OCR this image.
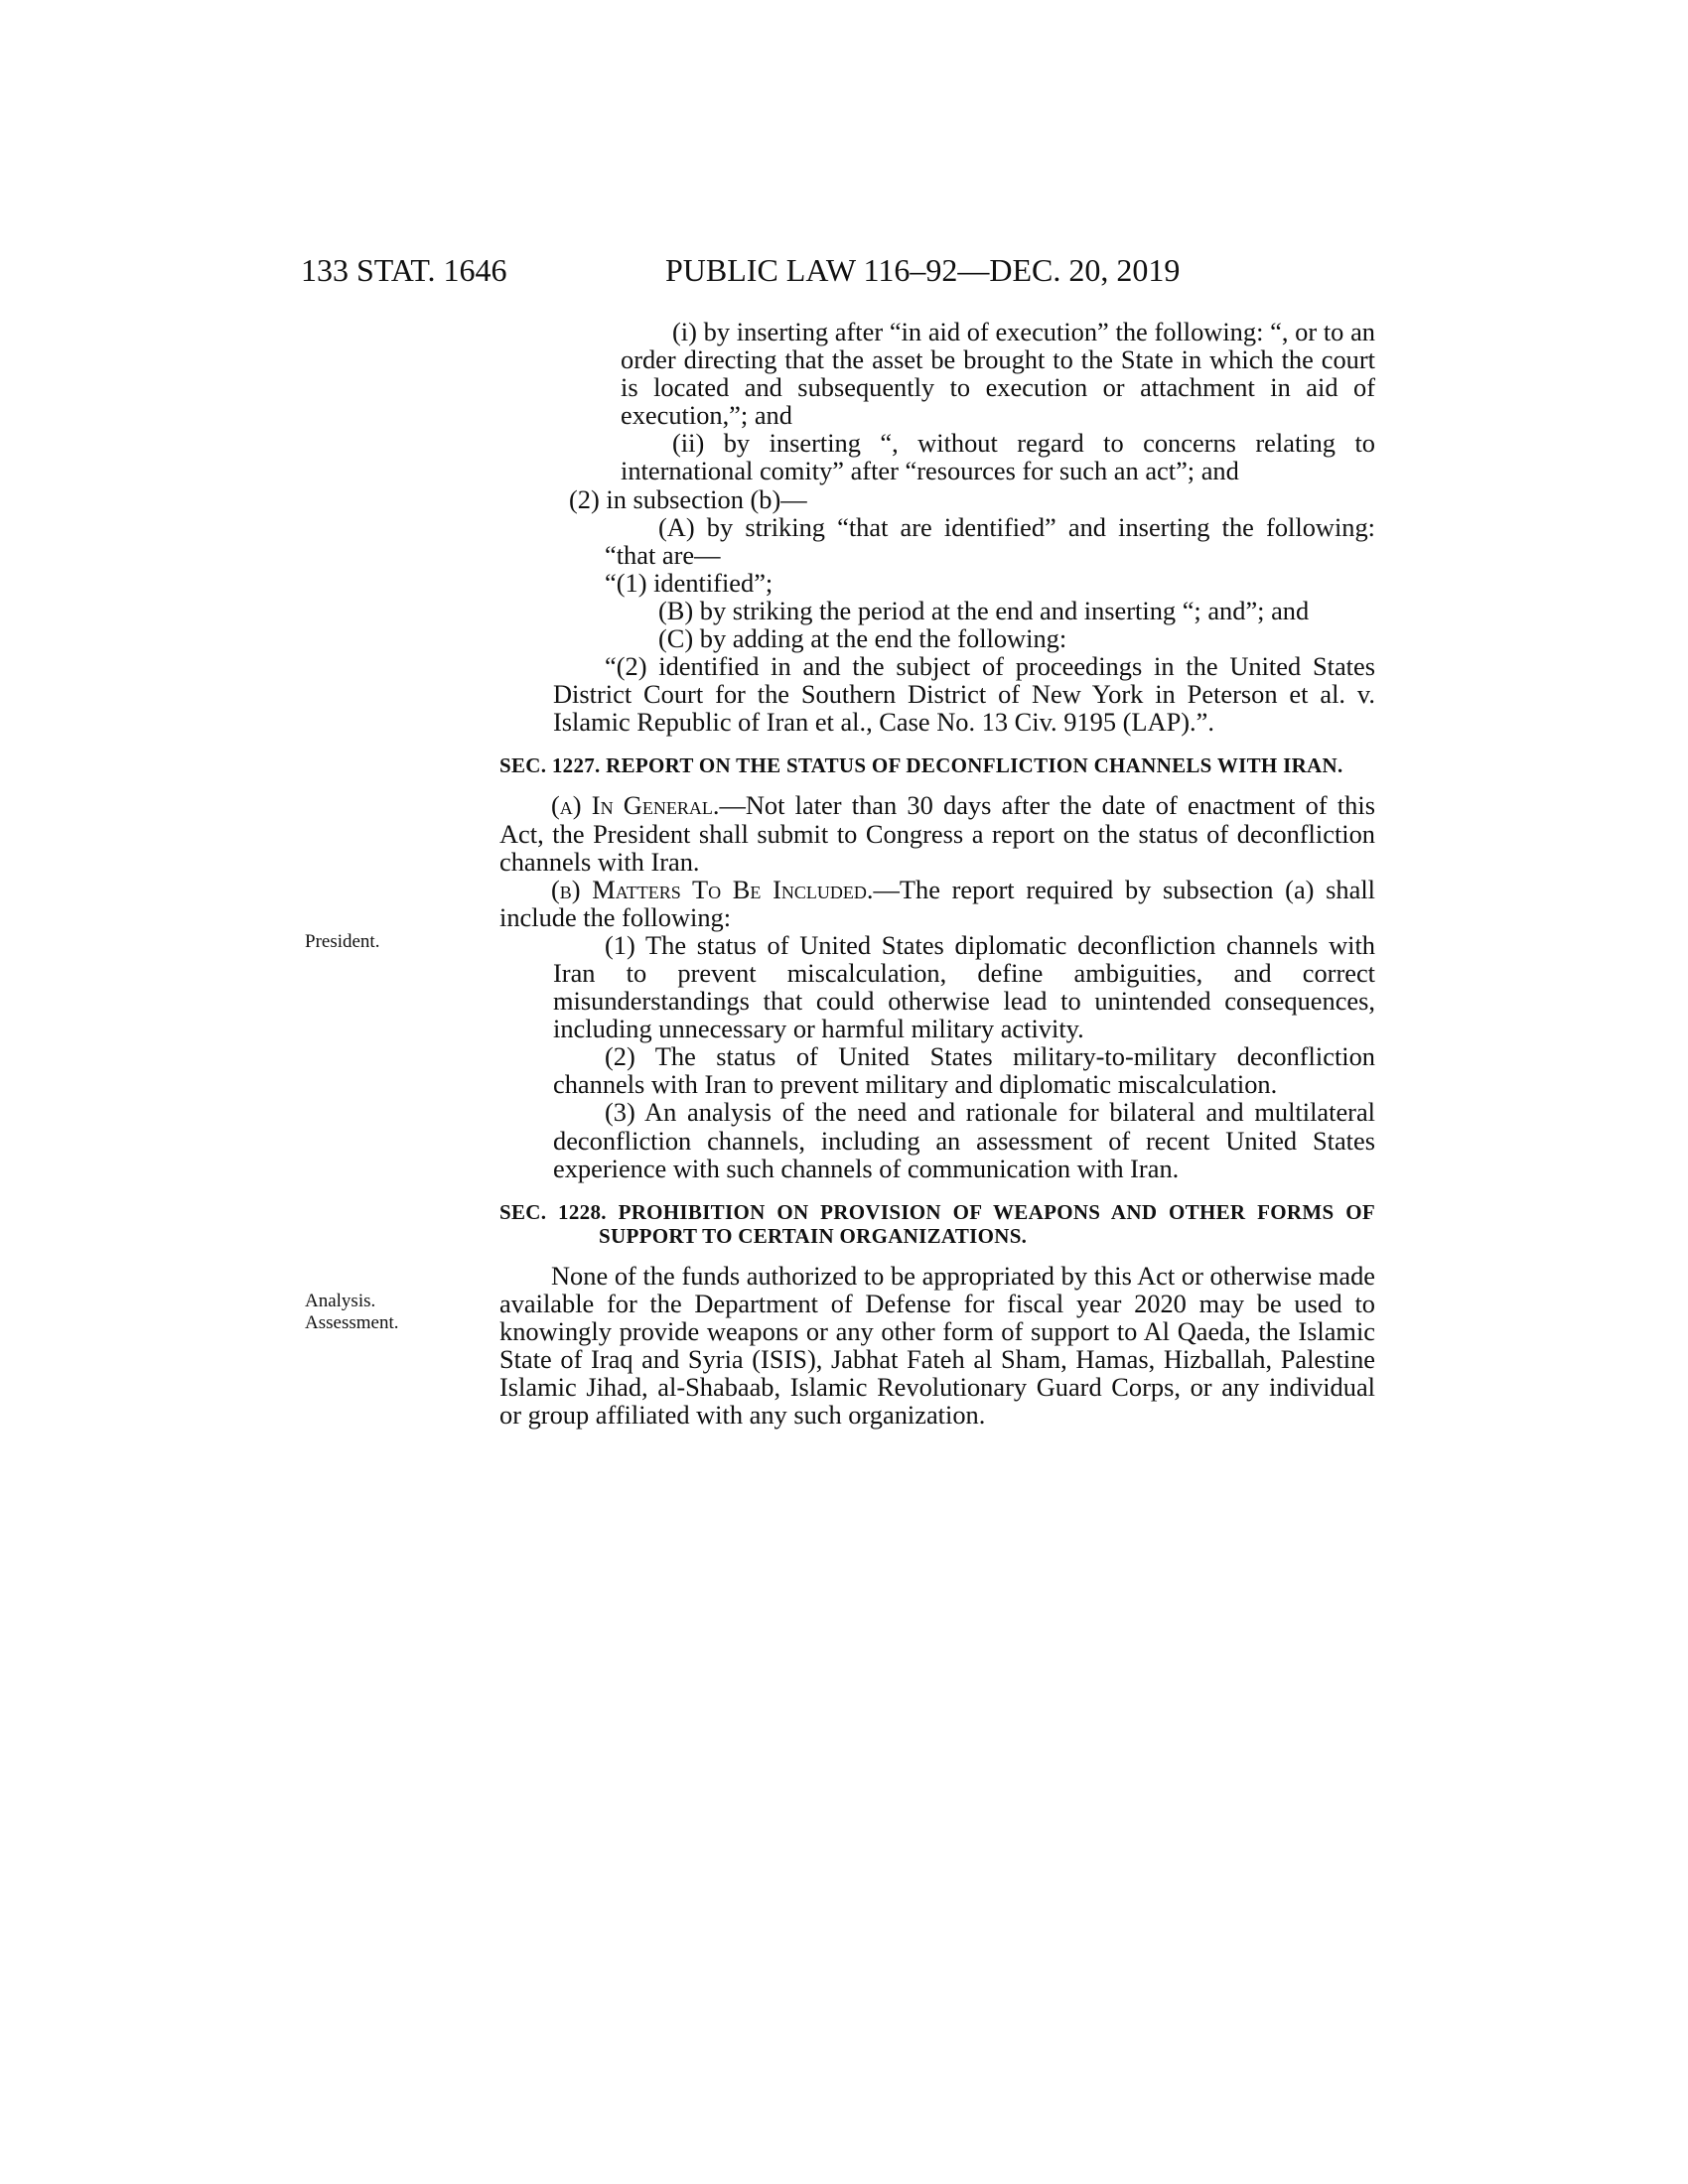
133 STAT. 1646	PUBLIC LAW 116–92—DEC. 20, 2019
President.
Analysis.
Assessment.

(i) by inserting after “in aid of execution” the following: “, or to an order directing that the asset be brought to the State in which the court is located and subsequently to execution or attachment in aid of execution,”; and

(ii) by inserting “, without regard to concerns relating to international comity” after “resources for such an act”; and

(2) in subsection (b)—

(A) by striking “that are identified” and inserting the following: “that are—

“(1) identified”;

(B) by striking the period at the end and inserting “; and”; and

(C) by adding at the end the following:

“(2) identified in and the subject of proceedings in the United States District Court for the Southern District of New York in Peterson et al. v. Islamic Republic of Iran et al., Case No. 13 Civ. 9195 (LAP).”.

SEC. 1227. REPORT ON THE STATUS OF DECONFLICTION CHANNELS WITH IRAN.

(a) In General.—Not later than 30 days after the date of enactment of this Act, the President shall submit to Congress a report on the status of deconfliction channels with Iran.

(b) Matters To Be Included.—The report required by subsection (a) shall include the following:

(1) The status of United States diplomatic deconfliction channels with Iran to prevent miscalculation, define ambiguities, and correct misunderstandings that could otherwise lead to unintended consequences, including unnecessary or harmful military activity.

(2) The status of United States military-to-military deconfliction channels with Iran to prevent military and diplomatic miscalculation.

(3) An analysis of the need and rationale for bilateral and multilateral deconfliction channels, including an assessment of recent United States experience with such channels of communication with Iran.

SEC. 1228. PROHIBITION ON PROVISION OF WEAPONS AND OTHER FORMS OF SUPPORT TO CERTAIN ORGANIZATIONS.

None of the funds authorized to be appropriated by this Act or otherwise made available for the Department of Defense for fiscal year 2020 may be used to knowingly provide weapons or any other form of support to Al Qaeda, the Islamic State of Iraq and Syria (ISIS), Jabhat Fateh al Sham, Hamas, Hizballah, Palestine Islamic Jihad, al-Shabaab, Islamic Revolutionary Guard Corps, or any individual or group affiliated with any such organization.
